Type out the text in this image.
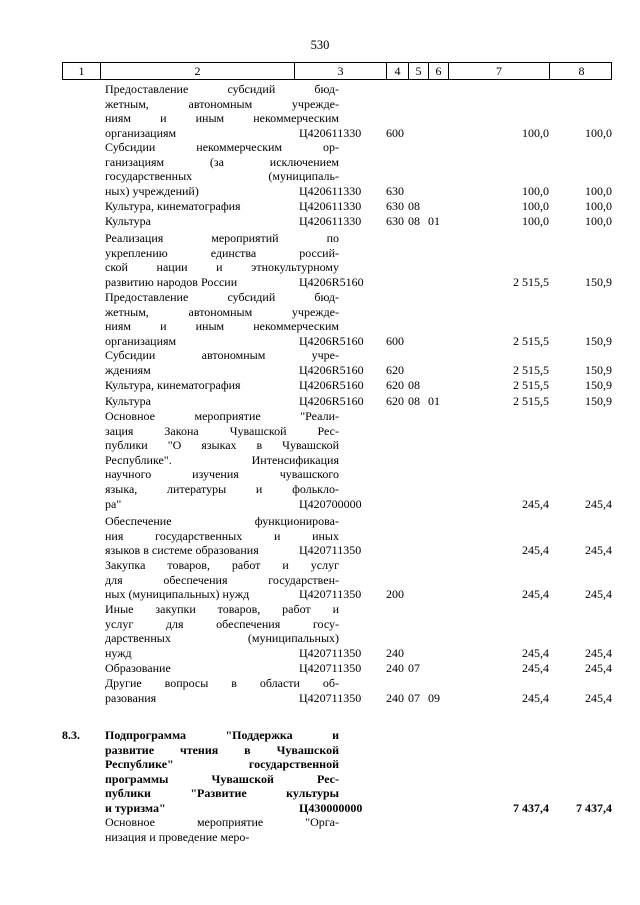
530
1	2	3	4	5	6	7	8
Предоставление субсидий бюд-
жетным, автономным учрежде-
ниям и иным некоммерческим
организациям	Ц420611330	600	100,0	100,0
Субсидии некоммерческим ор-
ганизациям (за исключением
государственных (муниципаль-
ных) учреждений)	Ц420611330	630	100,0	100,0
Культура, кинематография	Ц420611330	630 08	100,0	100,0
Культура	Ц420611330	630 08 01	100,0	100,0
Реализация мероприятий по
укреплению единства россий-
ской нации и этнокультурному
развитию народов России	Ц4206R5160	2 515,5	150,9
Предоставление субсидий бюд-
жетным, автономным учрежде-
ниям и иным некоммерческим
организациям	Ц4206R5160	600	2 515,5	150,9
Субсидии автономным учре-
ждениям	Ц4206R5160	620	2 515,5	150,9
Культура, кинематография	Ц4206R5160	620 08	2 515,5	150,9
Культура	Ц4206R5160	620 08 01	2 515,5	150,9
Основное мероприятие "Реали-
зация Закона Чувашской Рес-
публики "О языках в Чувашской
Республике". Интенсификация
научного изучения чувашского
языка, литературы и фолькло-
ра"	Ц420700000	245,4	245,4
Обеспечение функционирова-
ния государственных и иных
языков в системе образования	Ц420711350	245,4	245,4
Закупка товаров, работ и услуг
для обеспечения государствен-
ных (муниципальных) нужд	Ц420711350	200	245,4	245,4
Иные закупки товаров, работ и
услуг для обеспечения госу-
дарственных (муниципальных)
нужд	Ц420711350	240	245,4	245,4
Образование	Ц420711350	240 07	245,4	245,4
Другие вопросы в области об-
разования	Ц420711350	240 07 09	245,4	245,4
8.3.	Подпрограмма "Поддержка и
развитие чтения в Чувашской
Республике" государственной
программы Чувашской Рес-
публики "Развитие культуры
и туризма"	Ц430000000	7 437,4	7 437,4
Основное мероприятие "Орга-
низация и проведение меро-
